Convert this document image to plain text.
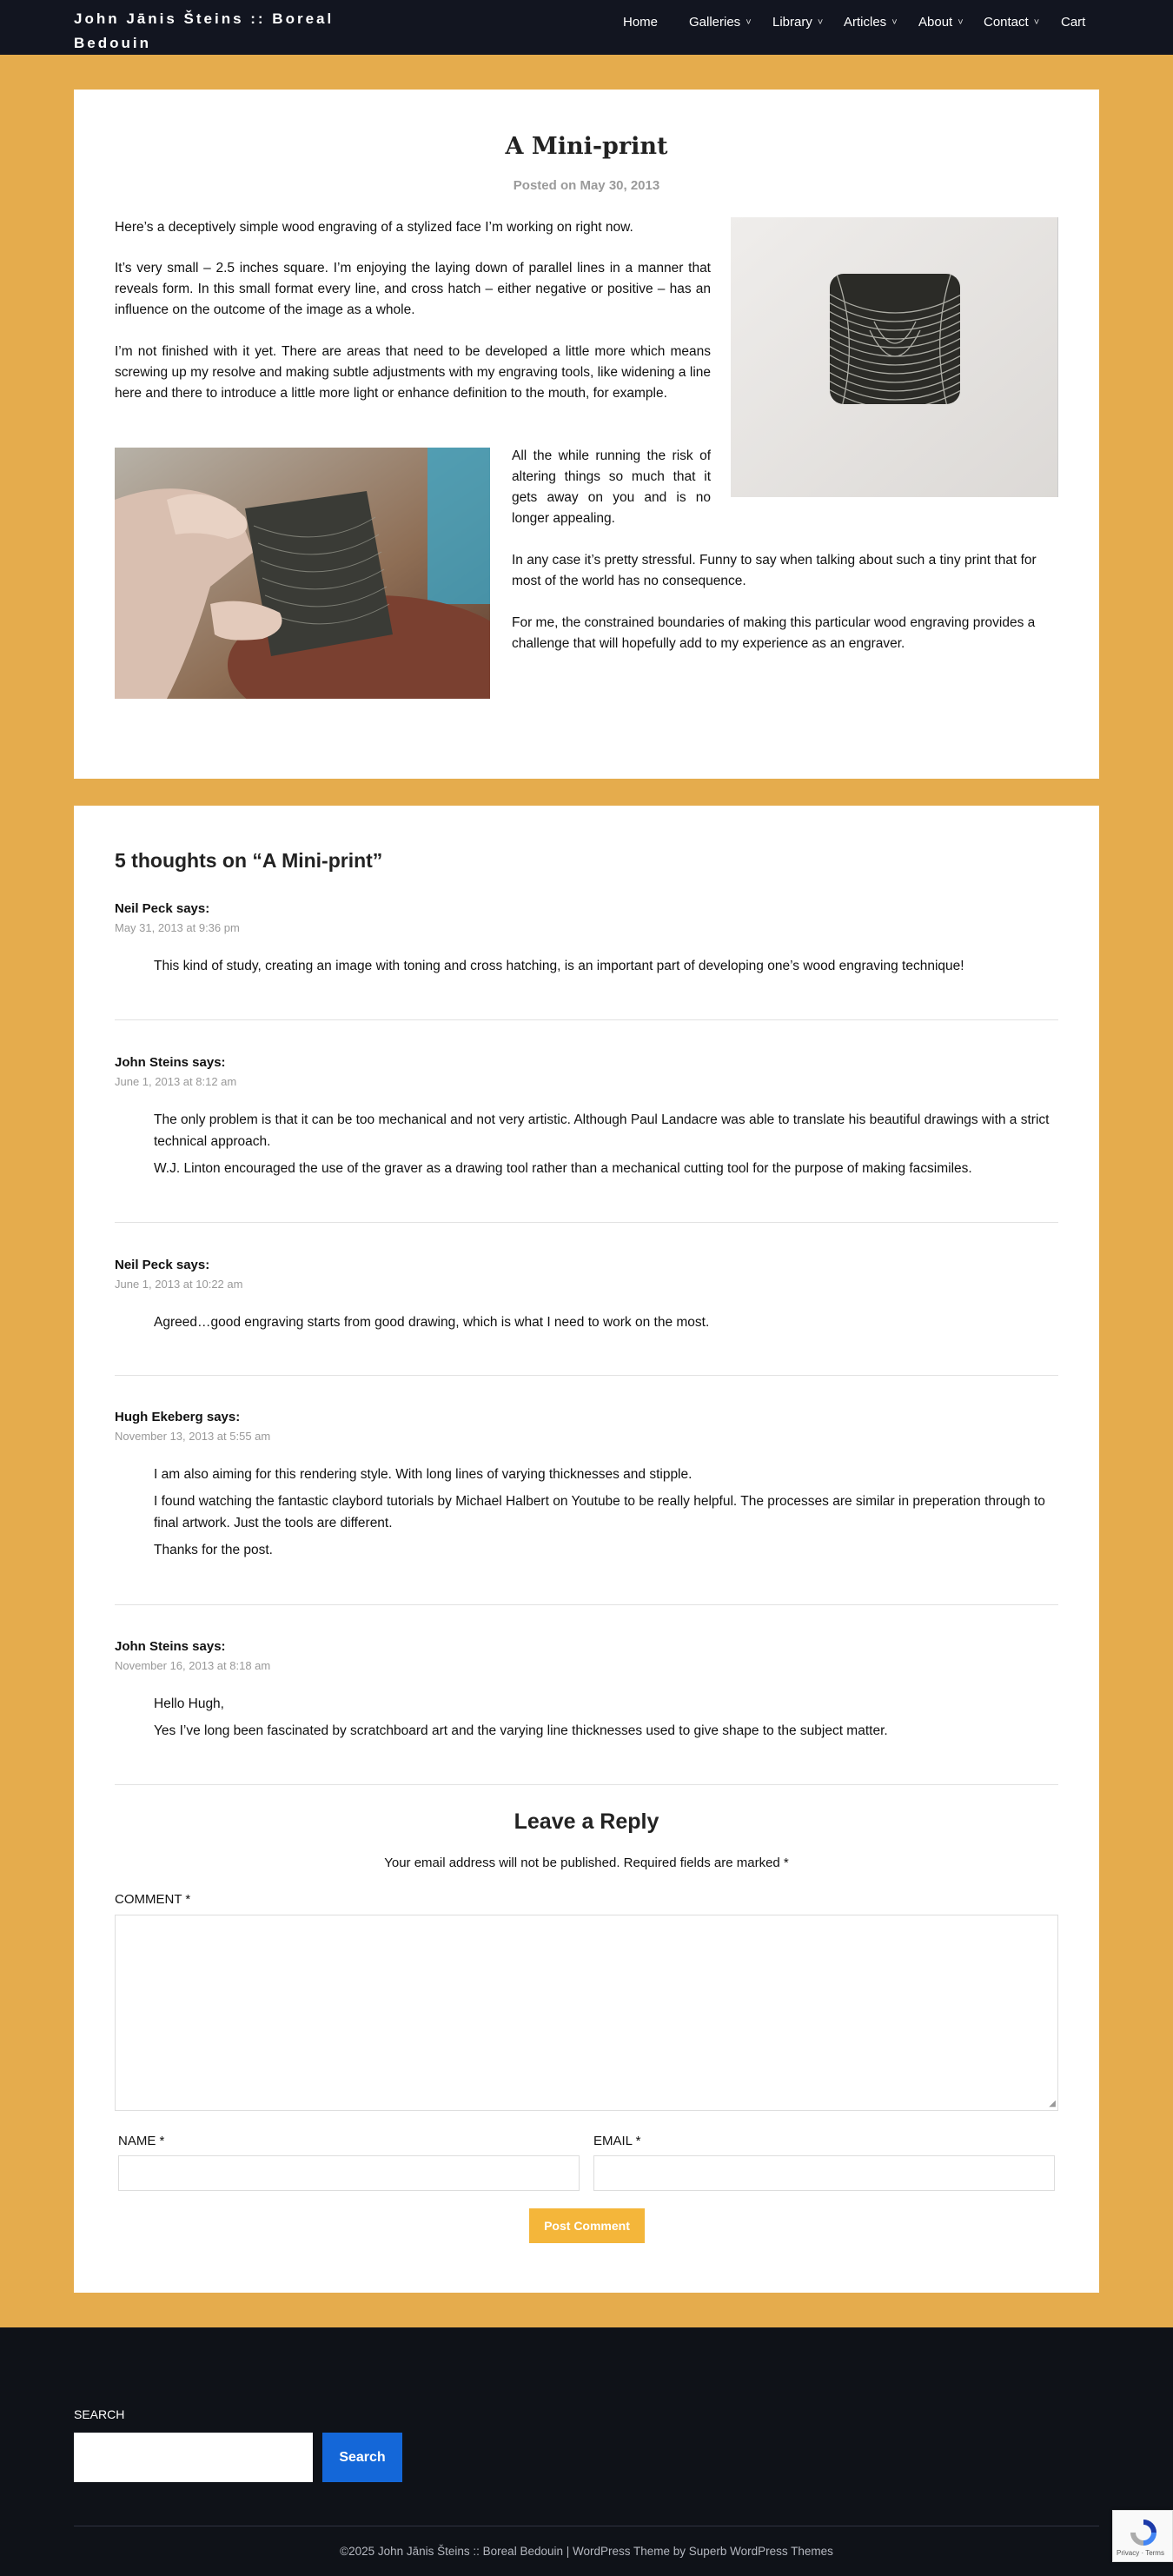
John Jānis Šteins :: Boreal Bedouin
Home Galleries ˅ Library ˅ Articles ˅ About ˅ Contact ˅ Cart
A Mini-print
Posted on May 30, 2013
Here’s a deceptively simple wood engraving of a stylized face I’m working on right now.
It’s very small – 2.5 inches square. I’m enjoying the laying down of parallel lines in a manner that reveals form. In this small format every line, and cross hatch – either negative or positive – has an influence on the outcome of the image as a whole.
I’m not finished with it yet. There are areas that need to be developed a little more which means screwing up my resolve and making subtle adjustments with my engraving tools, like widening a line here and there to introduce a little more light or enhance definition to the mouth, for example.
All the while running the risk of altering things so much that it gets away on you and is no longer appealing.
In any case it’s pretty stressful. Funny to say when talking about such a tiny print that for most of the world has no consequence.
For me, the constrained boundaries of making this particular wood engraving provides a challenge that will hopefully add to my experience as an engraver.
5 thoughts on “A Mini-print”
Neil Peck says:
May 31, 2013 at 9:36 pm

This kind of study, creating an image with toning and cross hatching, is an important part of developing one’s wood engraving technique!

John Steins says:
June 1, 2013 at 8:12 am

The only problem is that it can be too mechanical and not very artistic. Although Paul Landacre was able to translate his beautiful drawings with a strict technical approach.

W.J. Linton encouraged the use of the graver as a drawing tool rather than a mechanical cutting tool for the purpose of making facsimiles.

Neil Peck says:
June 1, 2013 at 10:22 am

Agreed…good engraving starts from good drawing, which is what I need to work on the most.

Hugh Ekeberg says:
November 13, 2013 at 5:55 am

I am also aiming for this rendering style. With long lines of varying thicknesses and stipple.

I found watching the fantastic claybord tutorials by Michael Halbert on Youtube to be really helpful. The processes are similar in preperation through to final artwork. Just the tools are different.

Thanks for the post.

John Steins says:
November 16, 2013 at 8:18 am

Hello Hugh,

Yes I’ve long been fascinated by scratchboard art and the varying line thicknesses used to give shape to the subject matter.

Leave a Reply
Your email address will not be published. Required fields are marked *
COMMENT *
◢
NAME *	EMAIL *
Post Comment
SEARCH
Search
©2025 John Jānis Šteins :: Boreal Bedouin | WordPress Theme by Superb WordPress Themes	Privacy · Terms
